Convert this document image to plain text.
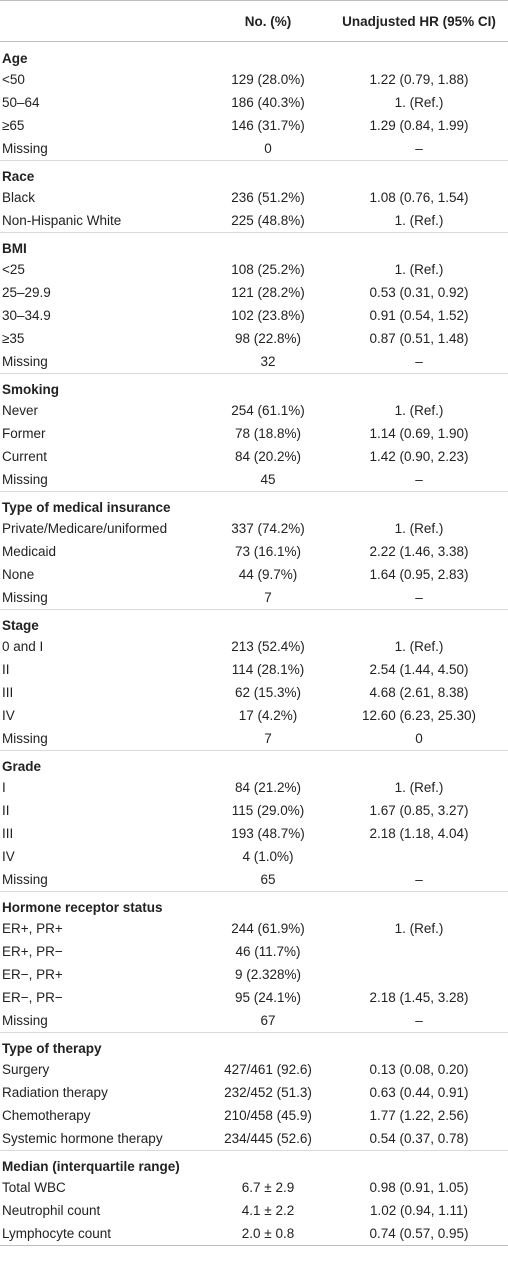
No. (%)	Unadjusted HR (95% CI)
Age
<50	129 (28.0%)	1.22 (0.79, 1.88)
50–64	186 (40.3%)	1. (Ref.)
≥65	146 (31.7%)	1.29 (0.84, 1.99)
Missing	0	–
Race
Black	236 (51.2%)	1.08 (0.76, 1.54)
Non-Hispanic White	225 (48.8%)	1. (Ref.)
BMI
<25	108 (25.2%)	1. (Ref.)
25–29.9	121 (28.2%)	0.53 (0.31, 0.92)
30–34.9	102 (23.8%)	0.91 (0.54, 1.52)
≥35	98 (22.8%)	0.87 (0.51, 1.48)
Missing	32	–
Smoking
Never	254 (61.1%)	1. (Ref.)
Former	78 (18.8%)	1.14 (0.69, 1.90)
Current	84 (20.2%)	1.42 (0.90, 2.23)
Missing	45	–
Type of medical insurance
Private/Medicare/uniformed	337 (74.2%)	1. (Ref.)
Medicaid	73 (16.1%)	2.22 (1.46, 3.38)
None	44 (9.7%)	1.64 (0.95, 2.83)
Missing	7	–
Stage
0 and I	213 (52.4%)	1. (Ref.)
II	114 (28.1%)	2.54 (1.44, 4.50)
III	62 (15.3%)	4.68 (2.61, 8.38)
IV	17 (4.2%)	12.60 (6.23, 25.30)
Missing	7	0
Grade
I	84 (21.2%)	1. (Ref.)
II	115 (29.0%)	1.67 (0.85, 3.27)
III	193 (48.7%)	2.18 (1.18, 4.04)
IV	4 (1.0%)
Missing	65	–
Hormone receptor status
ER+, PR+	244 (61.9%)	1. (Ref.)
ER+, PR−	46 (11.7%)
ER−, PR+	9 (2.328%)
ER−, PR−	95 (24.1%)	2.18 (1.45, 3.28)
Missing	67	–
Type of therapy
Surgery	427/461 (92.6)	0.13 (0.08, 0.20)
Radiation therapy	232/452 (51.3)	0.63 (0.44, 0.91)
Chemotherapy	210/458 (45.9)	1.77 (1.22, 2.56)
Systemic hormone therapy	234/445 (52.6)	0.54 (0.37, 0.78)
Median (interquartile range)
Total WBC	6.7 ± 2.9	0.98 (0.91, 1.05)
Neutrophil count	4.1 ± 2.2	1.02 (0.94, 1.11)
Lymphocyte count	2.0 ± 0.8	0.74 (0.57, 0.95)
